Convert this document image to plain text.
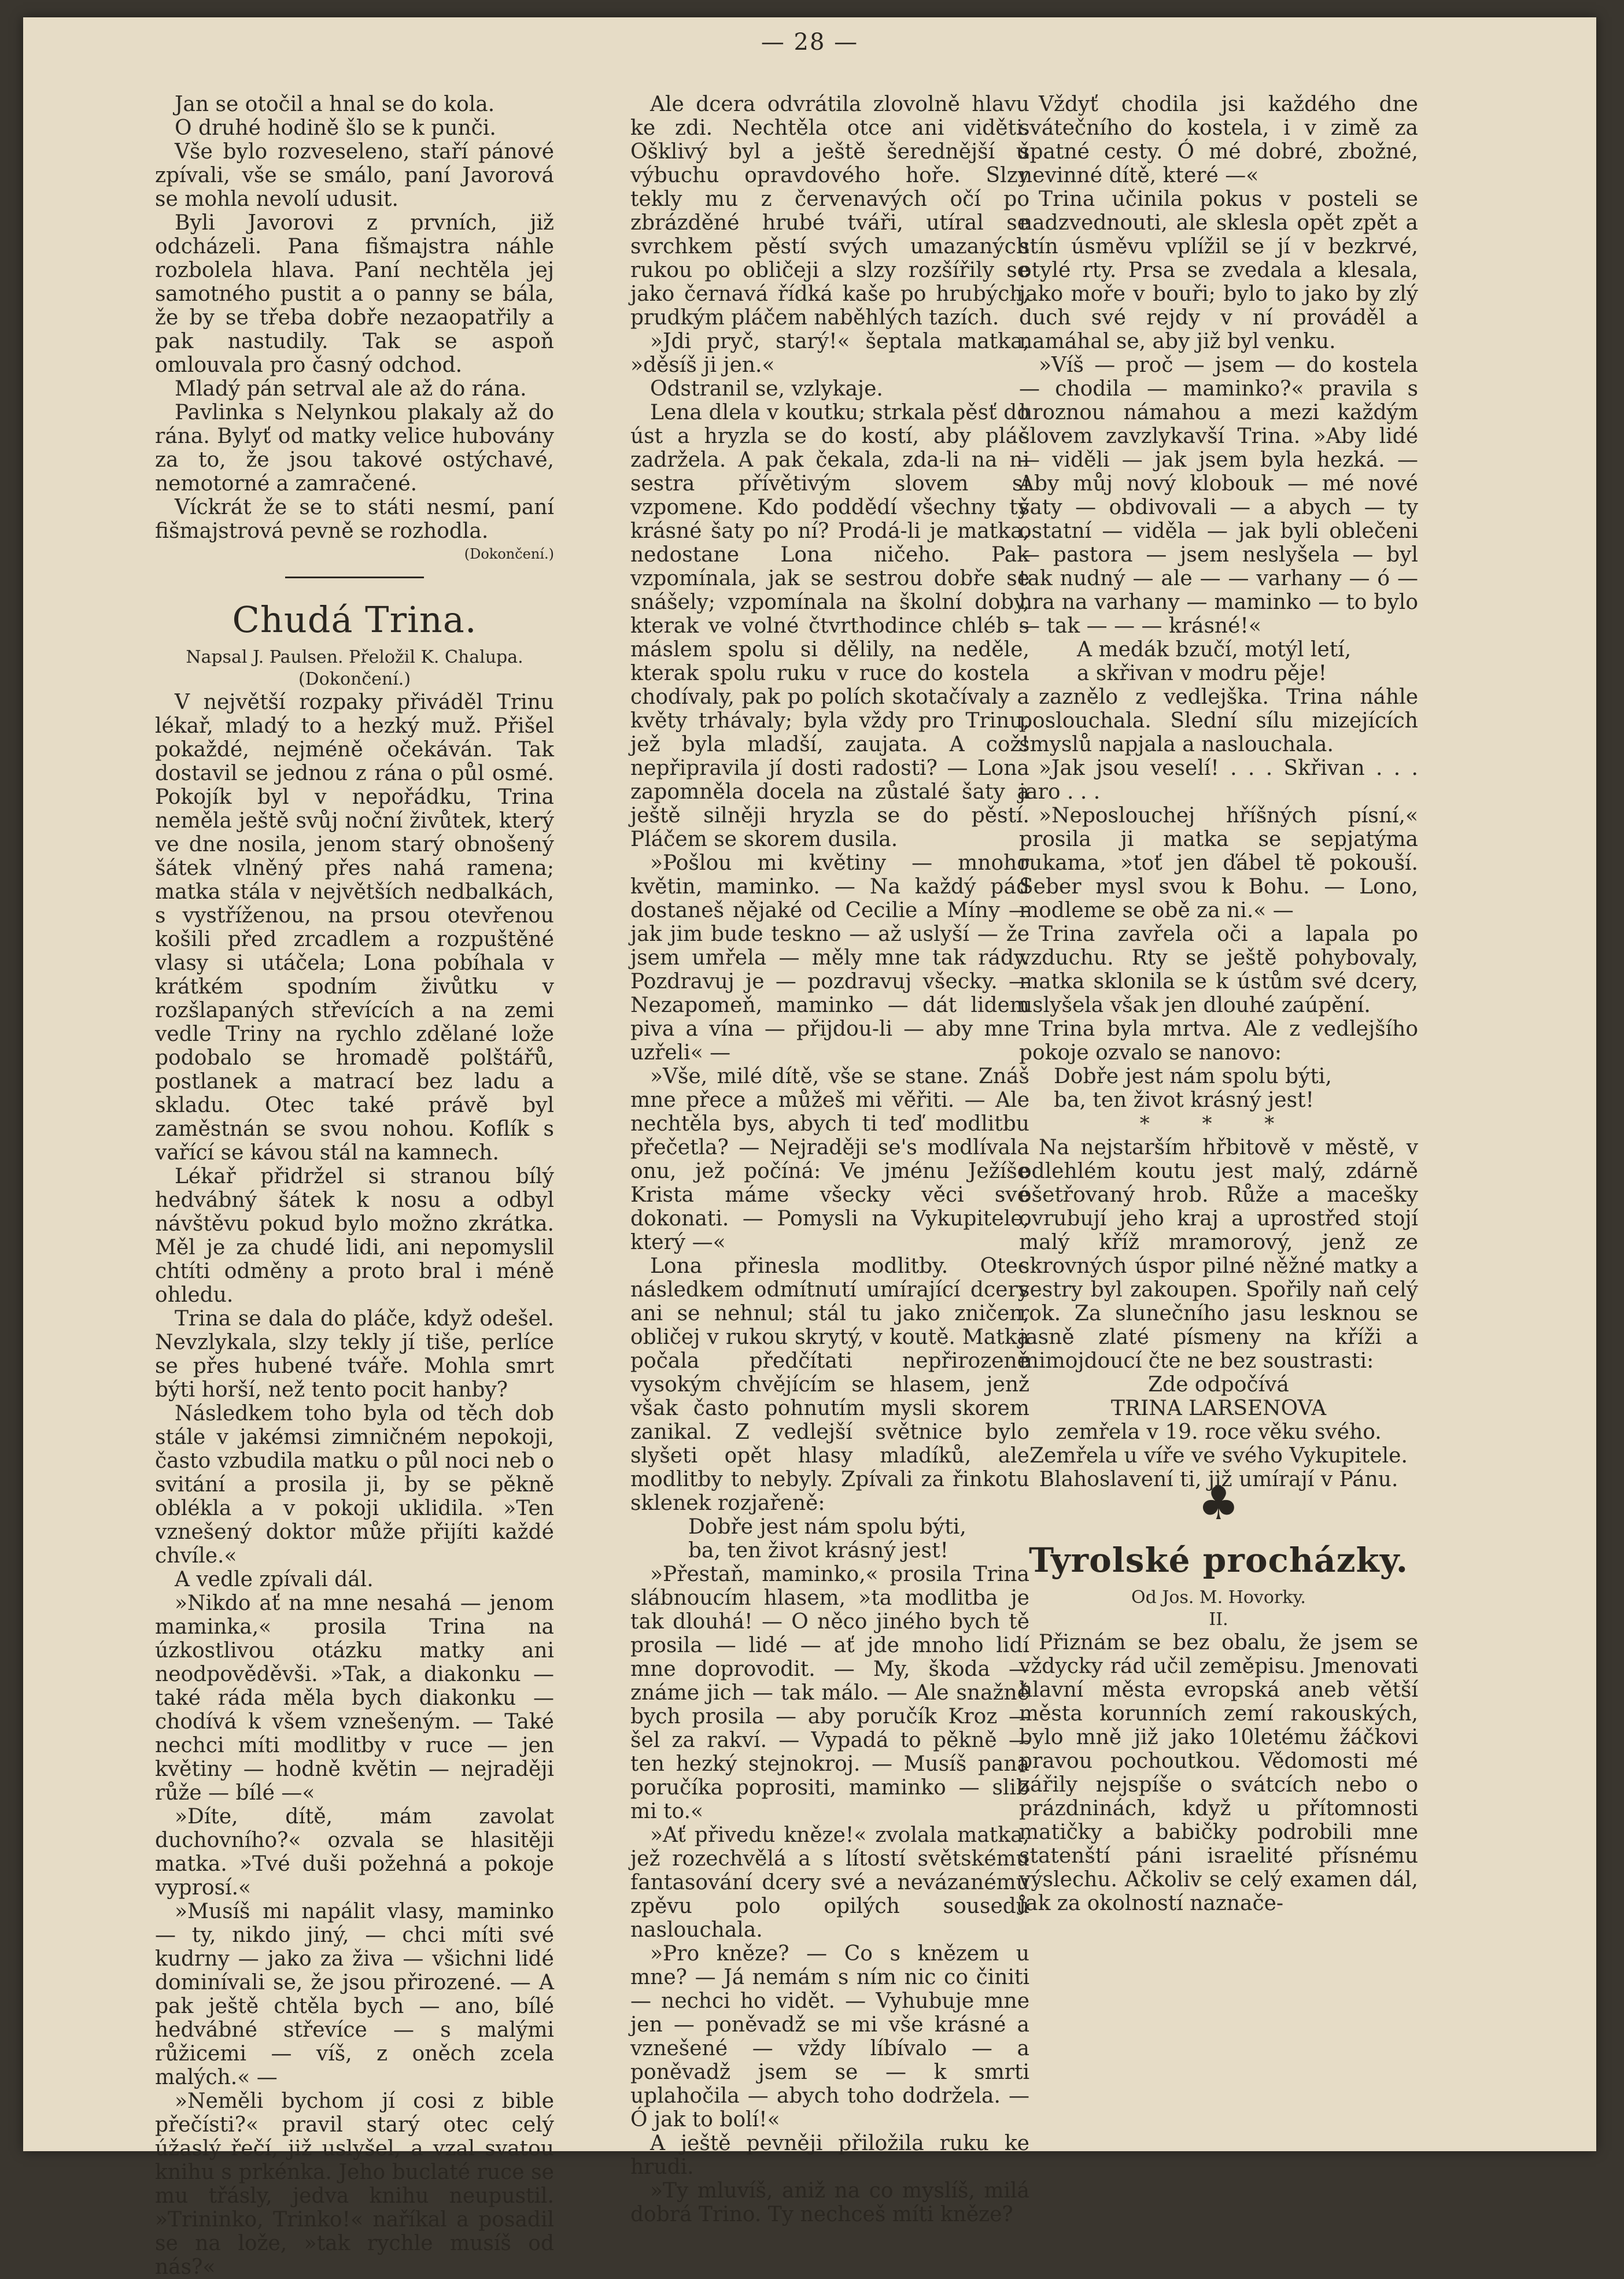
— 28 —

Jan se otočil a hnal se do kola.

O druhé hodině šlo se k punči.

Vše bylo rozveseleno, staří pánové zpívali, vše se smálo, paní Javorová se mohla nevolí udusit.

Byli Javorovi z prvních, již odcházeli. Pana fišmajstra náhle rozbolela hlava. Paní nechtěla jej samotného pustit a o panny se bála, že by se třeba dobře nezaopatřily a pak nastudily. Tak se aspoň omlouvala pro časný odchod.

Mladý pán setrval ale až do rána.

Pavlinka s Nelynkou plakaly až do rána. Bylyť od matky velice hubovány za to, že jsou takové ostýchavé, nemotorné a zamračené.

Víckrát že se to státi nesmí, paní fišmajstrová pevně se rozhodla.

(Dokončení.)

Chudá Trina.

Napsal J. Paulsen. Přeložil K. Chalupa.

(Dokončení.)

V největší rozpaky přiváděl Trinu lékař, mladý to a hezký muž. Přišel pokaždé, nejméně očekáván. Tak dostavil se jednou z rána o půl osmé. Pokojík byl v nepořádku, Trina neměla ještě svůj noční živůtek, který ve dne nosila, jenom starý obnošený šátek vlněný přes nahá ramena; matka stála v největších nedbalkách, s vystříženou, na prsou otevřenou košili před zrcadlem a rozpuštěné vlasy si utáčela; Lona pobíhala v krátkém spodním živůtku v rozšlapaných střevících a na zemi vedle Triny na rychlo zdělané lože podobalo se hromadě polštářů, postlanek a matrací bez ladu a skladu. Otec také právě byl zaměstnán se svou nohou. Koflík s vařící se kávou stál na kamnech.

Lékař přidržel si stranou bílý hedvábný šátek k nosu a odbyl návštěvu pokud bylo možno zkrátka. Měl je za chudé lidi, ani nepomyslil chtíti odměny a proto bral i méně ohledu.

Trina se dala do pláče, když odešel. Nevzlykala, slzy tekly jí tiše, perlíce se přes hubené tváře. Mohla smrt býti horší, než tento pocit hanby?

Následkem toho byla od těch dob stále v jakémsi zimničném nepokoji, často vzbudila matku o půl noci neb o svitání a prosila ji, by se pěkně oblékla a v pokoji uklidila. »Ten vznešený doktor může přijíti každé chvíle.«

A vedle zpívali dál.

»Nikdo ať na mne nesahá — jenom maminka,« prosila Trina na úzkostlivou otázku matky ani neodpověděvši. »Tak, a diakonku — také ráda měla bych diakonku — chodívá k všem vznešeným. — Také nechci míti modlitby v ruce — jen květiny — hodně květin — nejraději růže — bílé —«

»Díte, dítě, mám zavolat duchovního?« ozvala se hlasitěji matka. »Tvé duši požehná a pokoje vyprosí.«

»Musíš mi napálit vlasy, maminko — ty, nikdo jiný, — chci míti své kudrny — jako za živa — všichni lidé dominívali se, že jsou přirozené. — A pak ještě chtěla bych — ano, bílé hedvábné střevíce — s malými růžicemi — víš, z oněch zcela malých.« —

»Neměli bychom jí cosi z bible přečísti?« pravil starý otec celý úžaslý řečí, již uslyšel, a vzal svatou knihu s prkénka. Jeho buclaté ruce se mu třásly, jedva knihu neupustil. »Trininko, Trinko!« naříkal a posadil se na lože, »tak rychle musíš od nás?«

Ale dcera odvrátila zlovolně hlavu ke zdi. Nechtěla otce ani viděti. Ošklivý byl a ještě šerednější u výbuchu opravdového hoře. Slzy tekly mu z červenavých očí po zbrázděné hrubé tváři, utíral se svrchkem pěstí svých umazaných rukou po obličeji a slzy rozšířily se jako černavá řídká kaše po hrubých, prudkým pláčem naběhlých tazích.

»Jdi pryč, starý!« šeptala matka, »děsíš ji jen.«

Odstranil se, vzlykaje.

Lena dlela v koutku; strkala pěsť do úst a hryzla se do kostí, aby pláč zadržela. A pak čekala, zda-li na ni sestra přívětivým slovem si vzpomene. Kdo poddědí všechny ty krásné šaty po ní? Prodá-li je matka, nedostane Lona ničeho. Pak vzpomínala, jak se sestrou dobře se snášely; vzpomínala na školní doby, kterak ve volné čtvrthodince chléb s máslem spolu si dělily, na neděle, kterak spolu ruku v ruce do kostela chodívaly, pak po polích skotačívaly a květy trhávaly; byla vždy pro Trinu, jež byla mladší, zaujata. A což! nepřipravila jí dosti radosti? — Lona zapomněla docela na zůstalé šaty a ještě silněji hryzla se do pěstí. Pláčem se skorem dusila.

»Pošlou mi květiny — mnoho květin, maminko. — Na každý pád dostaneš nějaké od Cecilie a Míny — jak jim bude teskno — až uslyší — že jsem umřela — měly mne tak rády. Pozdravuj je — pozdravuj všecky. — Nezapomeň, maminko — dát lidem piva a vína — přijdou-li — aby mne uzřeli« —

»Vše, milé dítě, vše se stane. Znáš mne přece a můžeš mi věřiti. — Ale nechtěla bys, abych ti teď modlitbu přečetla? — Nejraději se's modlívala onu, jež počíná: Ve jménu Ježíše Krista máme všecky věci své dokonati. — Pomysli na Vykupitele, který —«

Lona přinesla modlitby. Otec následkem odmítnutí umírající dcery ani se nehnul; stál tu jako zničen, obličej v rukou skrytý, v koutě. Matka počala předčítati nepřirozeně vysokým chvějícím se hlasem, jenž však často pohnutím mysli skorem zanikal. Z vedlejší světnice bylo slyšeti opět hlasy mladíků, ale modlitby to nebyly. Zpívali za řinkotu sklenek rozjařeně:

Dobře jest nám spolu býti,

ba, ten život krásný jest!

»Přestaň, maminko,« prosila Trina slábnoucím hlasem, »ta modlitba je tak dlouhá! — O něco jiného bych tě prosila — lidé — ať jde mnoho lidí mne doprovodit. — My, škoda — známe jich — tak málo. — Ale snažně bych prosila — aby poručík Kroz — šel za rakví. — Vypadá to pěkně — ten hezký stejnokroj. — Musíš pana poručíka poprositi, maminko — slib mi to.«

»Ať přivedu kněze!« zvolala matka, jež rozechvělá a s lítostí světskému fantasování dcery své a nevázanému zpěvu polo opilých sousedů naslouchala.

»Pro kněze? — Co s knězem u mne? — Já nemám s ním nic co činiti — nechci ho vidět. — Vyhubuje mne jen — poněvadž se mi vše krásné a vznešené — vždy líbívalo — a poněvadž jsem se — k smrti uplahočila — abych toho dodržela. — Ó jak to bolí!«

A ještě pevněji přiložila ruku ke hrudi.

»Ty mluvíš, aniž na co myslíš, milá dobrá Trino. Ty nechceš míti kněze?

Vždyť chodila jsi každého dne svátečního do kostela, i v zimě za špatné cesty. Ó mé dobré, zbožné, nevinné dítě, které —«

Trina učinila pokus v posteli se nadzvednouti, ale sklesla opět zpět a stín úsměvu vplížil se jí v bezkrvé, otylé rty. Prsa se zvedala a klesala, jako moře v bouři; bylo to jako by zlý duch své rejdy v ní prováděl a namáhal se, aby již byl venku.

»Víš — proč — jsem — do kostela — chodila — maminko?« pravila s hroznou námahou a mezi každým slovem zavzlykavší Trina. »Aby lidé — viděli — jak jsem byla hezká. — Aby můj nový klobouk — mé nové šaty — obdivovali — a abych — ty ostatní — viděla — jak byli oblečeni — pastora — jsem neslyšela — byl tak nudný — ale — — varhany — ó — hra na varhany — maminko — to bylo — tak — — — krásné!«

A medák bzučí, motýl letí,

a skřivan v modru pěje!

zaznělo z vedlejška. Trina náhle poslouchala. Slední sílu mizejících smyslů napjala a naslouchala.

»Jak jsou veselí! . . . Skřivan . . . jaro . . .

»Neposlouchej hříšných písní,« prosila ji matka se sepjatýma rukama, »toť jen ďábel tě pokouší. Seber mysl svou k Bohu. — Lono, modleme se obě za ni.« —

Trina zavřela oči a lapala po vzduchu. Rty se ještě pohybovaly, matka sklonila se k ústům své dcery, uslyšela však jen dlouhé zaúpění.

Trina byla mrtva. Ale z vedlejšího pokoje ozvalo se nanovo:

Dobře jest nám spolu býti,

ba, ten život krásný jest!

* * *

Na nejstarším hřbitově v městě, v odlehlém koutu jest malý, zdárně ošetřovaný hrob. Růže a macešky ovrubují jeho kraj a uprostřed stojí malý kříž mramorový, jenž ze skrovných úspor pilné něžné matky a sestry byl zakoupen. Spořily naň celý rok. Za slunečního jasu lesknou se jasně zlaté písmeny na kříži a mimojdoucí čte ne bez soustrasti:

Zde odpočívá

TRINA LARSENOVA

zemřela v 19. roce věku svého.

Zemřela u víře ve svého Vykupitele.

Blahoslavení ti, již umírají v Pánu.

♣

Tyrolské procházky.

Od Jos. M. Hovorky.

II.

Přiznám se bez obalu, že jsem se vždycky rád učil zeměpisu. Jmenovati hlavní města evropská aneb větší města korunních zemí rakouských, bylo mně již jako 10letému žáčkovi pravou pochoutkou. Vědomosti mé zářily nejspíše o svátcích nebo o prázdninách, když u přítomnosti matičky a babičky podrobili mne statenští páni israelité přísnému výslechu. Ačkoliv se celý examen dál, jak za okolností naznače-
